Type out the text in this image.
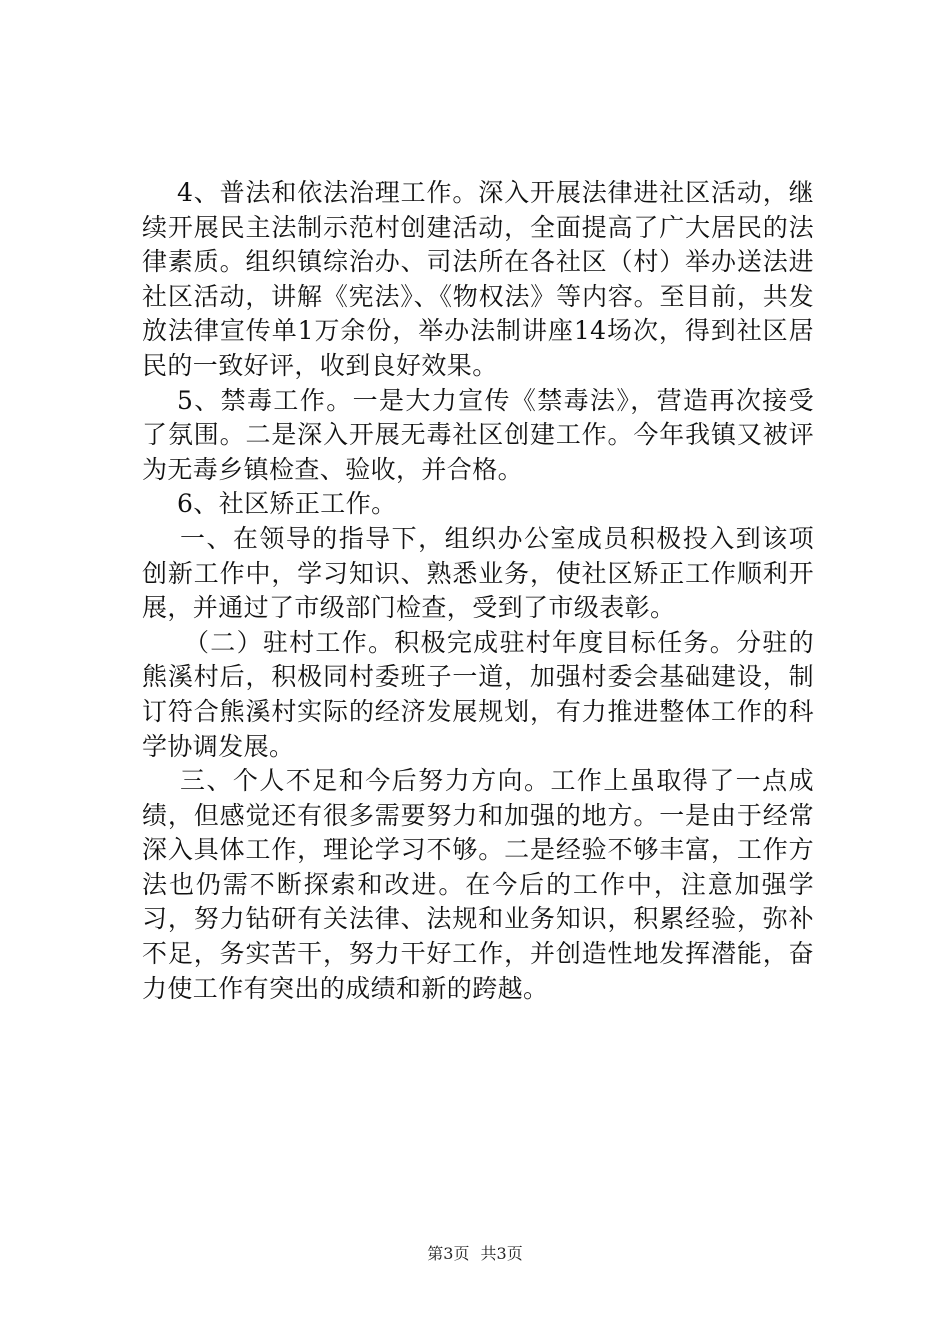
4、普法和依法治理工作。深入开展法律进社区活动，继续开展民主法制示范村创建活动，全面提高了广大居民的法律素质。组织镇综治办、司法所在各社区（村）举办送法进社区活动，讲解《宪法》、《物权法》等内容。至目前，共发放法律宣传单1万余份，举办法制讲座14场次，得到社区居民的一致好评，收到良好效果。

5、禁毒工作。一是大力宣传《禁毒法》，营造再次接受了氛围。二是深入开展无毒社区创建工作。今年我镇又被评为无毒乡镇检查、验收，并合格。

6、社区矫正工作。

一、在领导的指导下，组织办公室成员积极投入到该项创新工作中，学习知识、熟悉业务，使社区矫正工作顺利开展，并通过了市级部门检查，受到了市级表彰。

（二）驻村工作。积极完成驻村年度目标任务。分驻的熊溪村后，积极同村委班子一道，加强村委会基础建设，制订符合熊溪村实际的经济发展规划，有力推进整体工作的科学协调发展。

三、个人不足和今后努力方向。工作上虽取得了一点成绩，但感觉还有很多需要努力和加强的地方。一是由于经常深入具体工作，理论学习不够。二是经验不够丰富，工作方法也仍需不断探索和改进。在今后的工作中，注意加强学习，努力钻研有关法律、法规和业务知识，积累经验，弥补不足，务实苦干，努力干好工作，并创造性地发挥潜能，奋力使工作有突出的成绩和新的跨越。

第3页 共3页
